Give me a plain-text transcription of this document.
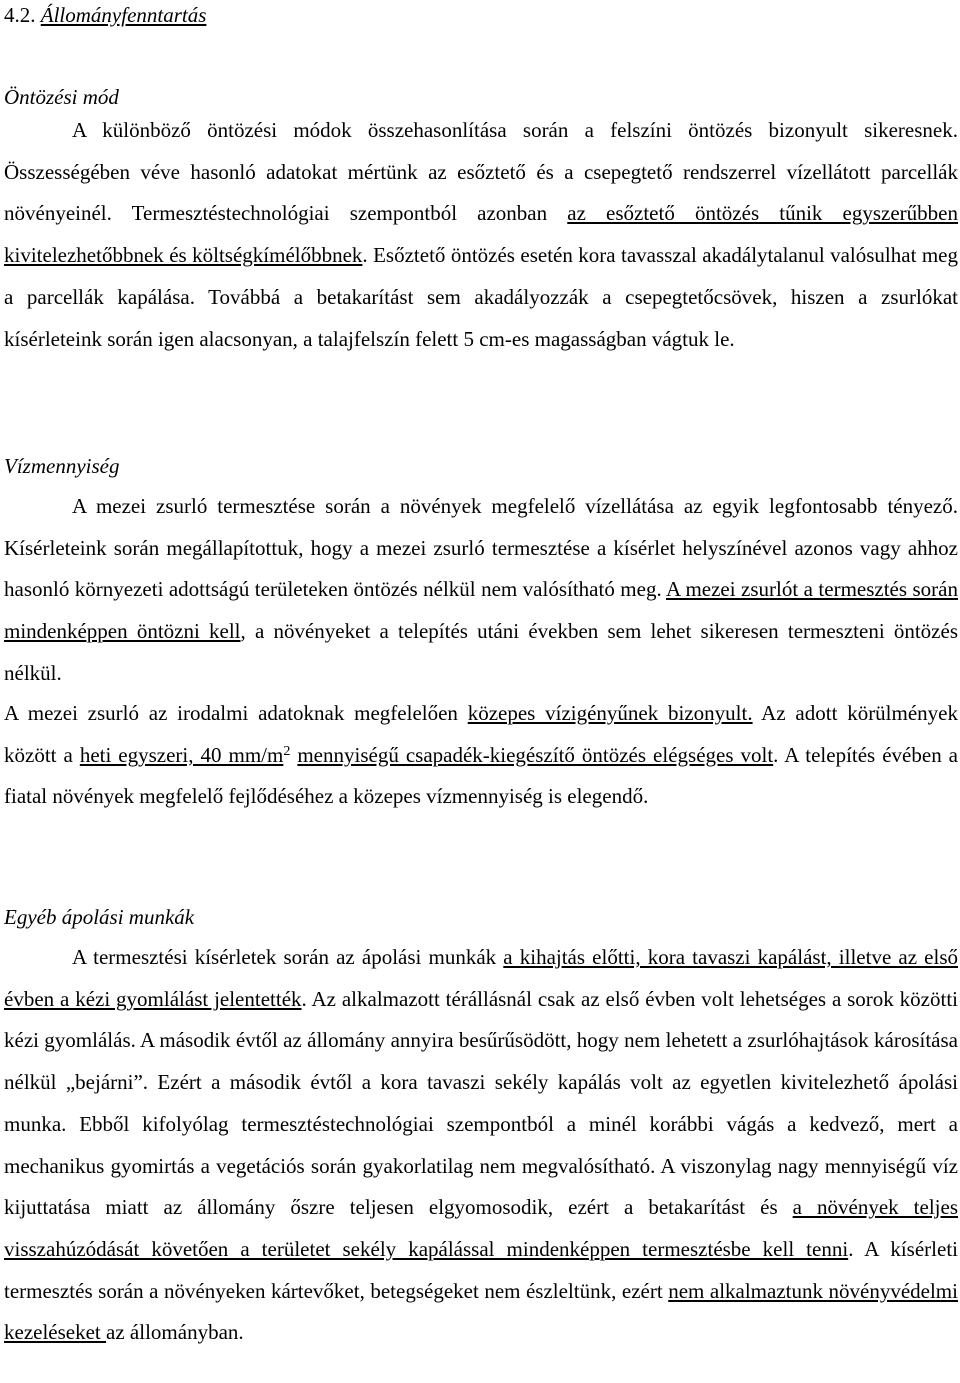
4.2. Állományfenntartás
Öntözési mód

A különböző öntözési módok összehasonlítása során a felszíni öntözés bizonyult sikeresnek. Összességében véve hasonló adatokat mértünk az esőztető és a csepegtető rendszerrel vízellátott parcellák növényeinél. Termesztéstechnológiai szempontból azonban az esőztető öntözés tűnik egyszerűbben kivitelezhetőbbnek és költségkímélőbbnek. Esőztető öntözés esetén kora tavasszal akadálytalanul valósulhat meg a parcellák kapálása. Továbbá a betakarítást sem akadályozzák a csepegtetőcsövek, hiszen a zsurlókat kísérleteink során igen alacsonyan, a talajfelszín felett 5 cm-es magasságban vágtuk le.

Vízmennyiség

A mezei zsurló termesztése során a növények megfelelő vízellátása az egyik legfontosabb tényező. Kísérleteink során megállapítottuk, hogy a mezei zsurló termesztése a kísérlet helyszínével azonos vagy ahhoz hasonló környezeti adottságú területeken öntözés nélkül nem valósítható meg. A mezei zsurlót a termesztés során mindenképpen öntözni kell, a növényeket a telepítés utáni években sem lehet sikeresen termeszteni öntözés nélkül.

A mezei zsurló az irodalmi adatoknak megfelelően közepes vízigényűnek bizonyult. Az adott körülmények között a heti egyszeri, 40 $mm/m^2$ mennyiségű csapadék-kiegészítő öntözés elégséges volt. A telepítés évében a fiatal növények megfelelő fejlődéséhez a közepes vízmennyiség is elegendő.

Egyéb ápolási munkák

A termesztési kísérletek során az ápolási munkák a kihajtás előtti, kora tavaszi kapálást, illetve az első évben a kézi gyomlálást jelentették. Az alkalmazott térállásnál csak az első évben volt lehetséges a sorok közötti kézi gyomlálás. A második évtől az állomány annyira besűrűsödött, hogy nem lehetett a zsurlóhajtások károsítása nélkül „bejárni”. Ezért a második évtől a kora tavaszi sekély kapálás volt az egyetlen kivitelezhető ápolási munka. Ebből kifolyólag termesztéstechnológiai szempontból a minél korábbi vágás a kedvező, mert a mechanikus gyomirtás a vegetációs során gyakorlatilag nem megvalósítható. A viszonylag nagy mennyiségű víz kijuttatása miatt az állomány őszre teljesen elgyomosodik, ezért a betakarítást és a növények teljes visszahúzódását követően a területet sekély kapálással mindenképpen termesztésbe kell tenni. A kísérleti termesztés során a növényeken kártevőket, betegségeket nem észleltünk, ezért nem alkalmaztunk növényvédelmi kezeléseket az állományban.
